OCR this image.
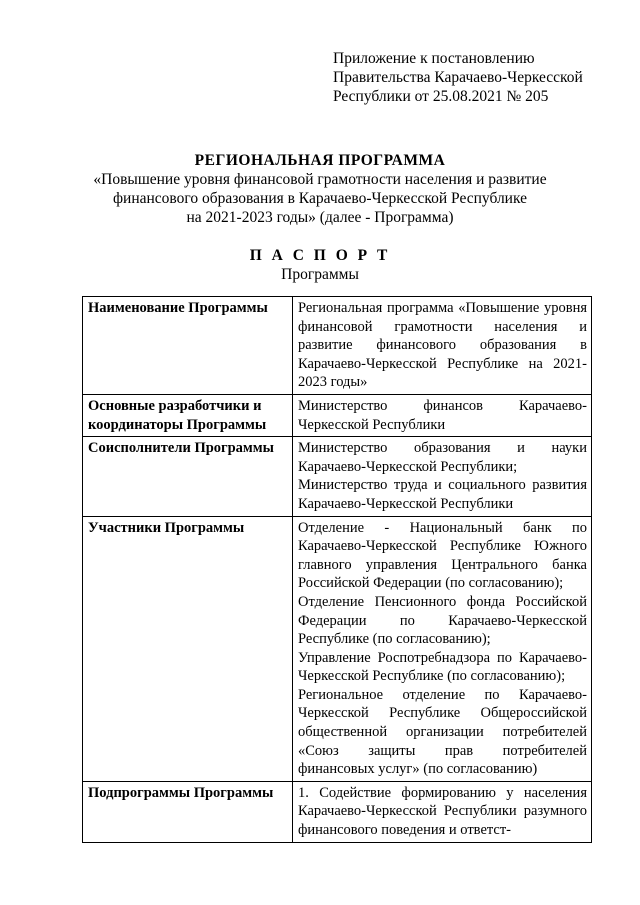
Приложение к постановлению
Правительства Карачаево-Черкесской
Республики от 25.08.2021 № 205
РЕГИОНАЛЬНАЯ ПРОГРАММА
«Повышение уровня финансовой грамотности населения и развитие
финансового образования в Карачаево-Черкесской Республике
на 2021-2023 годы» (далее - Программа)
П А С П О Р Т
Программы
Наименование Программы	Региональная программа «Повышение уровня финансовой грамотности населения и развитие финансового образования в Карачаево-Черкесской Республике на 2021-2023 годы»

Основные разработчики и координаторы Программы	Министерство финансов Карачаево-Черкесской Республики

Соисполнители Программы	Министерство образования и науки Карачаево-Черкесской Республики;
Министерство труда и социального развития Карачаево-Черкесской Республики

Участники Программы	Отделение - Национальный банк по Карачаево-Черкесской Республике Южного главного управления Центрального банка Российской Федерации (по согласованию);
Отделение Пенсионного фонда Российской Федерации по Карачаево-Черкесской Республике (по согласованию);
Управление Роспотребнадзора по Карачаево-Черкесской Республике (по согласованию);
Региональное отделение по Карачаево-Черкесской Республике Общероссийской общественной организации потребителей «Союз защиты прав потребителей финансовых услуг» (по согласованию)

Подпрограммы Программы	1. Содействие формированию у населения Карачаево-Черкесской Республики разумного финансового поведения и ответст-
